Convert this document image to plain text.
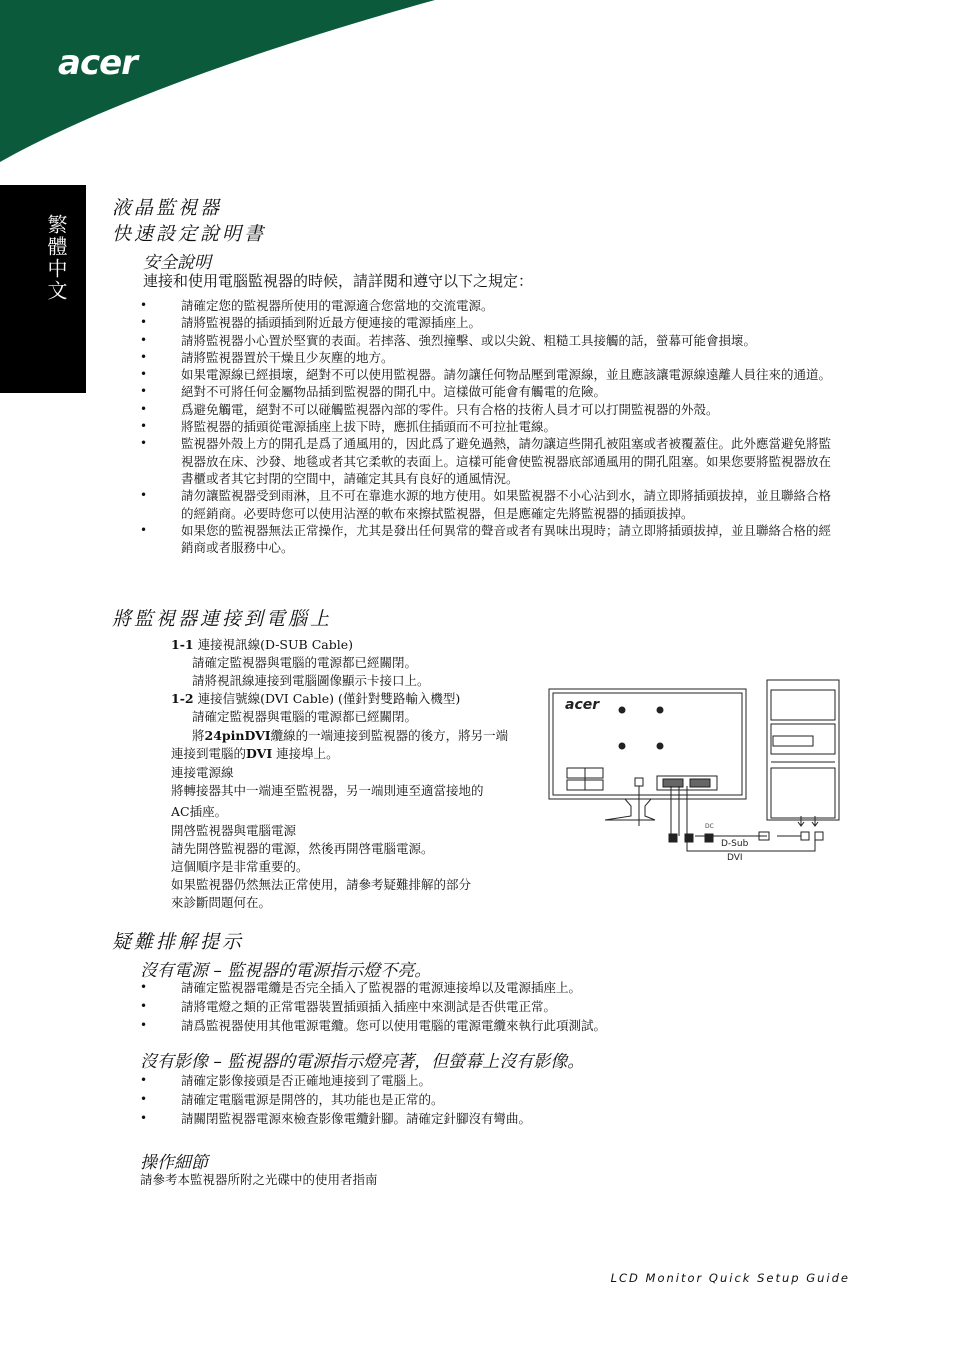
acer
繁體中文
液晶監視器
快速設定說明書
安全說明
連接和使用電腦監視器的時候，請詳閱和遵守以下之規定：
• 請確定您的監視器所使用的電源適合您當地的交流電源。
• 請將監視器的插頭插到附近最方便連接的電源插座上。
• 請將監視器小心置於堅實的表面。若摔落、強烈撞擊、或以尖銳、粗糙工具接觸的話，螢幕可能會損壞。
• 請將監視器置於干燥且少灰塵的地方。
• 如果電源線已經損壞，絕對不可以使用監視器。請勿讓任何物品壓到電源線，並且應該讓電源線遠離人員往來的通道。
• 絕對不可將任何金屬物品插到監視器的開孔中。這樣做可能會有觸電的危險。
• 爲避免觸電，絕對不可以碰觸監視器內部的零件。只有合格的技術人員才可以打開監視器的外殼。
• 將監視器的插頭從電源插座上拔下時，應抓住插頭而不可拉扯電線。
• 監視器外殼上方的開孔是爲了通風用的，因此爲了避免過熱，請勿讓這些開孔被阻塞或者被覆蓋住。此外應當避免將監視器放在床、沙發、地毯或者其它柔軟的表面上。這樣可能會使監視器底部通風用的開孔阻塞。如果您要將監視器放在書櫃或者其它封閉的空間中，請確定其具有良好的通風情況。
• 請勿讓監視器受到雨淋，且不可在靠進水源的地方使用。如果監視器不小心沾到水，請立即將插頭拔掉，並且聯絡合格的經銷商。必要時您可以使用沾溼的軟布來擦拭監視器，但是應確定先將監視器的插頭拔掉。
• 如果您的監視器無法正常操作，尤其是發出任何異常的聲音或者有異味出現時；請立即將插頭拔掉，並且聯絡合格的經銷商或者服務中心。
將監視器連接到電腦上
1-1 連接視訊線(D-SUB Cable)
請確定監視器與電腦的電源都已經關閉。
請將視訊線連接到電腦圖像顯示卡接口上。
1-2 連接信號線(DVI Cable) (僅針對雙路輸入機型)
請確定監視器與電腦的電源都已經關閉。
將24pinDVI纜線的一端連接到監視器的後方，將另一端
連接到電腦的DVI 連接埠上。
連接電源線
將轉接器其中一端連至監視器，另一端則連至適當接地的
AC插座。
開啓監視器與電腦電源
請先開啓監視器的電源，然後再開啓電腦電源。
這個順序是非常重要的。
如果監視器仍然無法正常使用，請參考疑難排解的部分
來診斷問題何在。
acer
DC
D-Sub
DVI
疑難排解提示
沒有電源 – 監視器的電源指示燈不亮。
• 請確定監視器電纜是否完全插入了監視器的電源連接埠以及電源插座上。
• 請將電燈之類的正常電器裝置插頭插入插座中來測試是否供電正常。
• 請爲監視器使用其他電源電纜。您可以使用電腦的電源電纜來執行此項測試。
沒有影像 – 監視器的電源指示燈亮著，但螢幕上沒有影像。
• 請確定影像接頭是否正確地連接到了電腦上。
• 請確定電腦電源是開啓的，其功能也是正常的。
• 請關閉監視器電源來檢查影像電纜針腳。請確定針腳沒有彎曲。
操作細節
請參考本監視器所附之光碟中的使用者指南
LCD Monitor Quick Setup Guide
